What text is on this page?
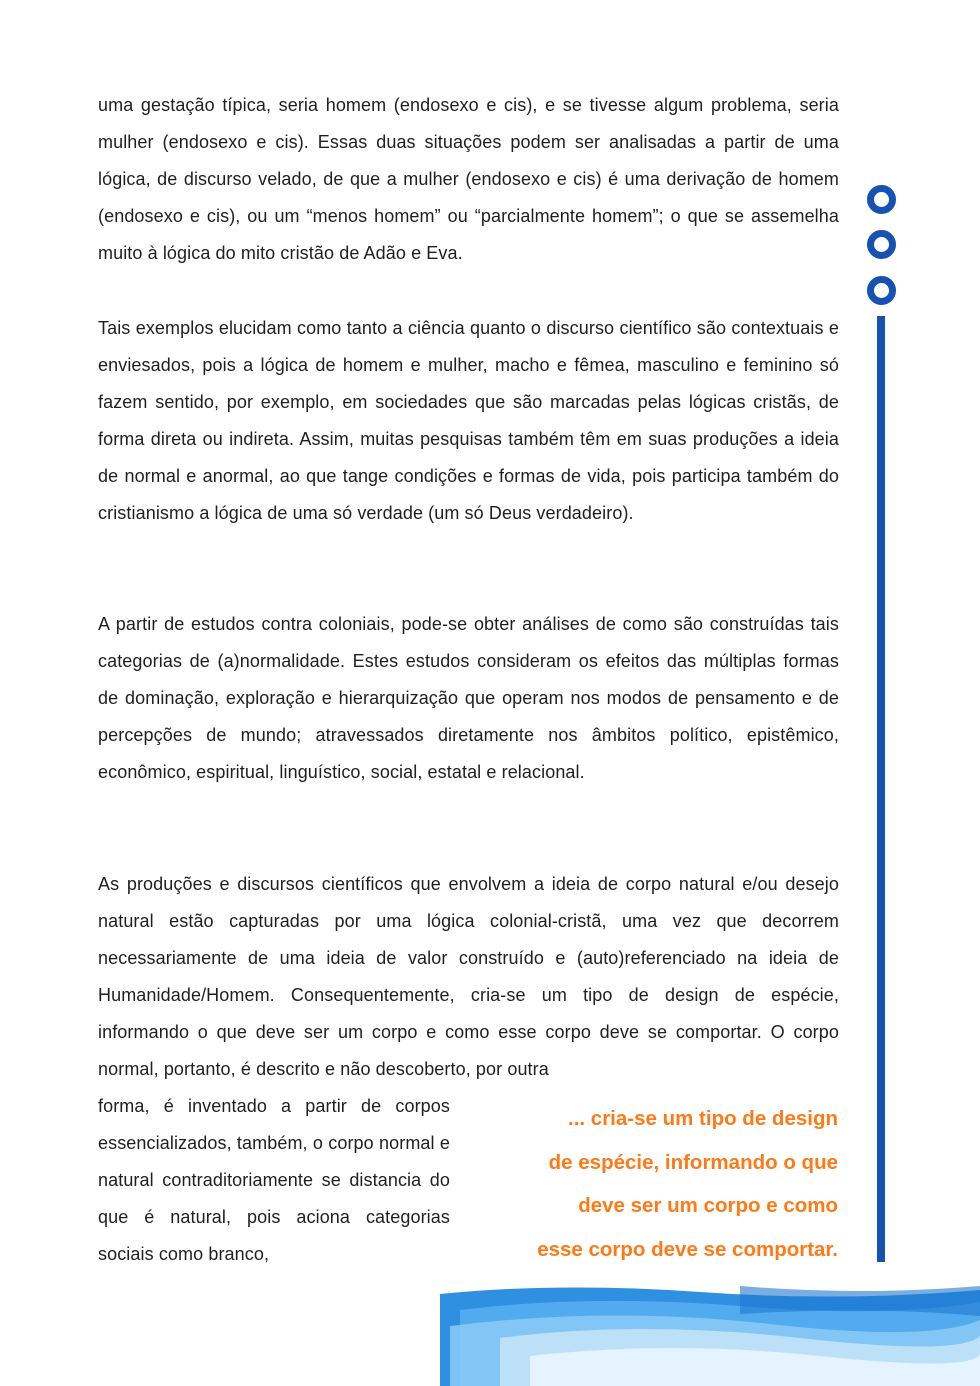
uma gestação típica, seria homem (endosexo e cis), e se tivesse algum problema, seria mulher (endosexo e cis). Essas duas situações podem ser analisadas a partir de uma lógica, de discurso velado, de que a mulher (endosexo e cis) é uma derivação de homem (endosexo e cis), ou um “menos homem” ou “parcialmente homem”; o que se assemelha muito à lógica do mito cristão de Adão e Eva.
Tais exemplos elucidam como tanto a ciência quanto o discurso científico são contextuais e enviesados, pois a lógica de homem e mulher, macho e fêmea, masculino e feminino só fazem sentido, por exemplo, em sociedades que são marcadas pelas lógicas cristãs, de forma direta ou indireta. Assim, muitas pesquisas também têm em suas produções a ideia de normal e anormal, ao que tange condições e formas de vida, pois participa também do cristianismo a lógica de uma só verdade (um só Deus verdadeiro).
A partir de estudos contra coloniais, pode-se obter análises de como são construídas tais categorias de (a)normalidade. Estes estudos consideram os efeitos das múltiplas formas de dominação, exploração e hierarquização que operam nos modos de pensamento e de percepções de mundo; atravessados diretamente nos âmbitos político, epistêmico, econômico, espiritual, linguístico, social, estatal e relacional.
As produções e discursos científicos que envolvem a ideia de corpo natural e/ou desejo natural estão capturadas por uma lógica colonial-cristã, uma vez que decorrem necessariamente de uma ideia de valor construído e (auto)referenciado na ideia de Humanidade/Homem. Consequentemente, cria-se um tipo de design de espécie, informando o que deve ser um corpo e como esse corpo deve se comportar. O corpo normal, portanto, é descrito e não descoberto, por outra
forma, é inventado a partir de corpos essencializados, também, o corpo normal e natural contraditoriamente se distancia do que é natural, pois aciona categorias sociais como branco,
... cria-se um tipo de design
de espécie, informando o que
deve ser um corpo e como
esse corpo deve se comportar.
